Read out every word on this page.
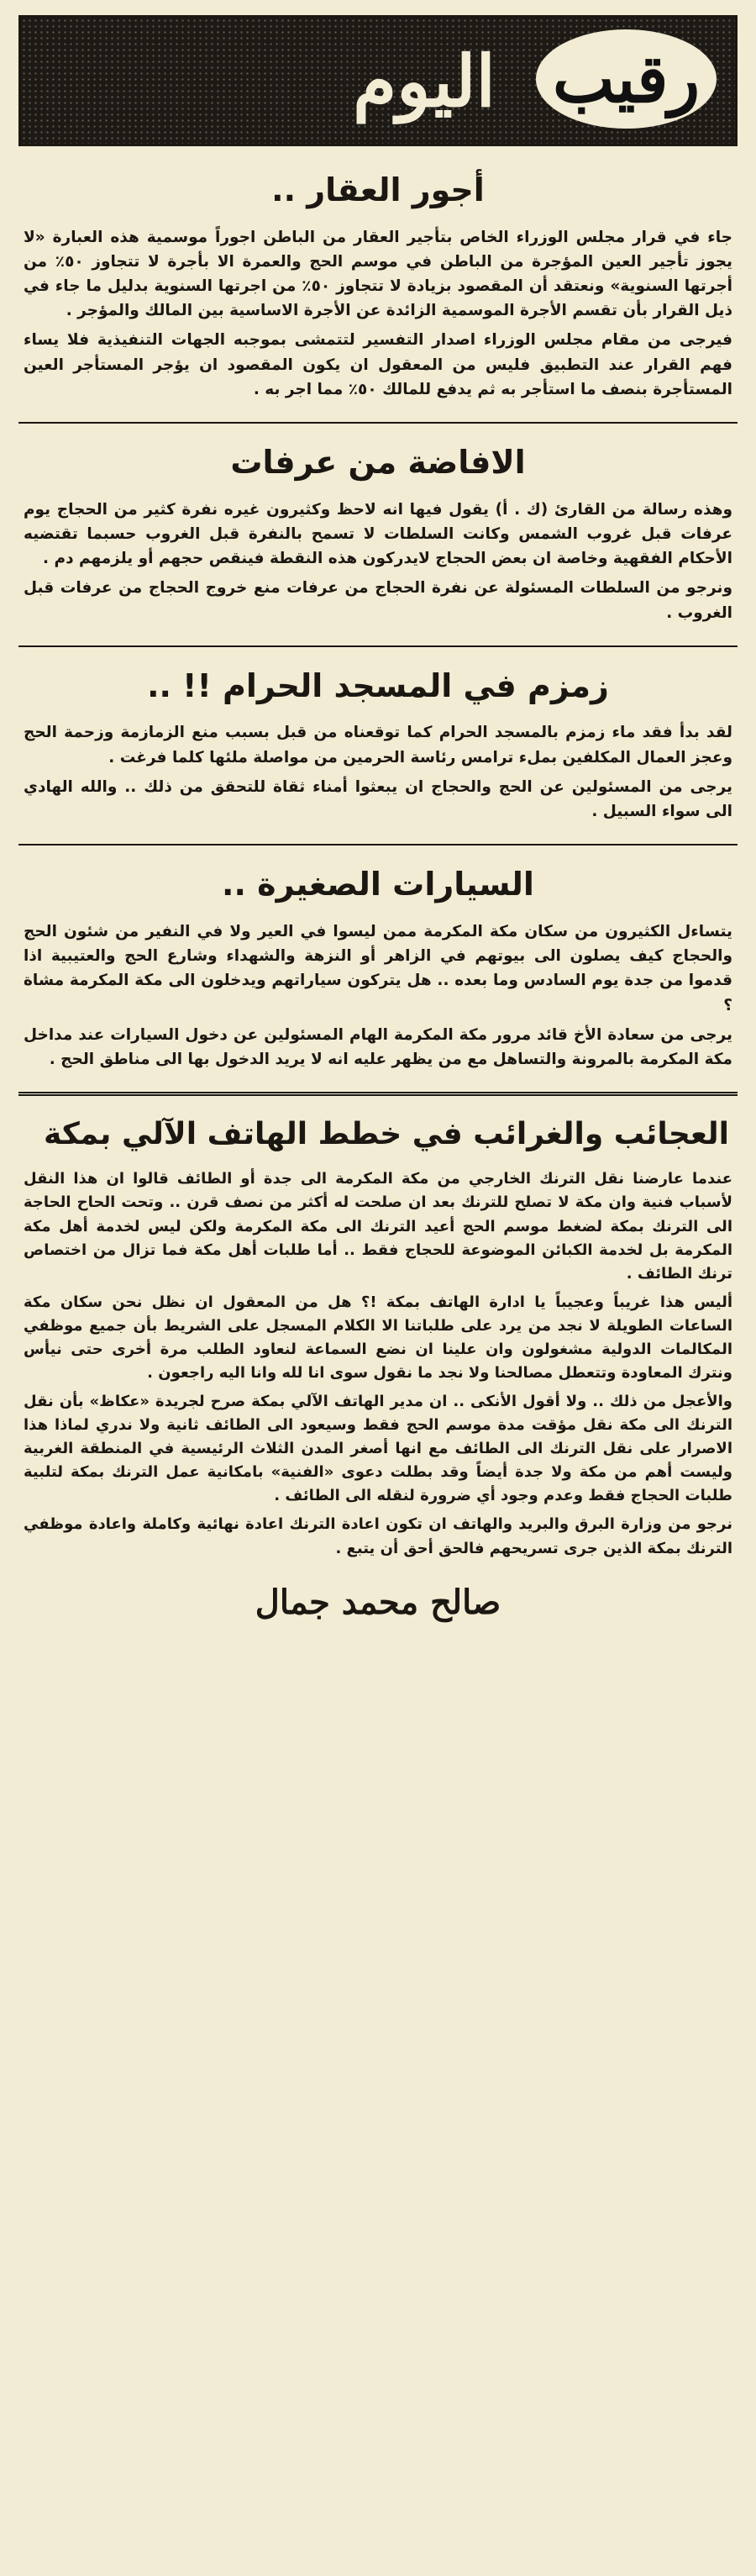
رقيب
اليوم
أجور العقار ..

جاء في قرار مجلس الوزراء الخاص بتأجير العقار من الباطن اجوراً موسمية هذه العبارة «لا يجوز تأجير العين المؤجرة من الباطن في موسم الحج والعمرة الا بأجرة لا تتجاوز ٥٠٪ من أجرتها السنوية» ونعتقد أن المقصود بزيادة لا تتجاوز ٥٠٪ من اجرتها السنوية بدليل ما جاء في ذيل القرار بأن تقسم الأجرة الموسمية الزائدة عن الأجرة الاساسية بين المالك والمؤجر .

فيرجى من مقام مجلس الوزراء اصدار التفسير لتتمشى بموجبه الجهات التنفيذية فلا يساء فهم القرار عند التطبيق فليس من المعقول ان يكون المقصود ان يؤجر المستأجر العين المستأجرة بنصف ما استأجر به ثم يدفع للمالك ٥٠٪ مما اجر به .

الافاضة من عرفات

وهذه رسالة من القارئ (ك . أ) يقول فيها انه لاحظ وكثيرون غيره نفرة كثير من الحجاج يوم عرفات قبل غروب الشمس وكانت السلطات لا تسمح بالنفرة قبل الغروب حسبما تقتضيه الأحكام الفقهية وخاصة ان بعض الحجاج لايدركون هذه النقطة فينقص حجهم أو يلزمهم دم .

ونرجو من السلطات المسئولة عن نفرة الحجاج من عرفات منع خروج الحجاج من عرفات قبل الغروب .

زمزم في المسجد الحرام !! ..

لقد بدأ فقد ماء زمزم بالمسجد الحرام كما توقعناه من قبل بسبب منع الزمازمة وزحمة الحج وعجز العمال المكلفين بملء ترامس رئاسة الحرمين من مواصلة ملئها كلما فرغت .

يرجى من المسئولين عن الحج والحجاج ان يبعثوا أمناء ثقاة للتحقق من ذلك .. والله الهادي الى سواء السبيل .

السيارات الصغيرة ..

يتساءل الكثيرون من سكان مكة المكرمة ممن ليسوا في العير ولا في النفير من شئون الحج والحجاج كيف يصلون الى بيوتهم في الزاهر أو النزهة والشهداء وشارع الحج والعتيبية اذا قدموا من جدة يوم السادس وما بعده .. هل يتركون سياراتهم ويدخلون الى مكة المكرمة مشاة ؟

يرجى من سعادة الأخ قائد مرور مكة المكرمة الهام المسئولين عن دخول السيارات عند مداخل مكة المكرمة بالمرونة والتساهل مع من يظهر عليه انه لا يريد الدخول بها الى مناطق الحج .

العجائب والغرائب في خطط الهاتف الآلي بمكة

عندما عارضنا نقل الترنك الخارجي من مكة المكرمة الى جدة أو الطائف قالوا ان هذا النقل لأسباب فنية وان مكة لا تصلح للترنك بعد ان صلحت له أكثر من نصف قرن .. وتحت الحاح الحاجة الى الترنك بمكة لضغط موسم الحج أعيد الترنك الى مكة المكرمة ولكن ليس لخدمة أهل مكة المكرمة بل لخدمة الكبائن الموضوعة للحجاج فقط .. أما طلبات أهل مكة فما تزال من اختصاص ترنك الطائف .

أليس هذا غريباً وعجيباً يا ادارة الهاتف بمكة !؟ هل من المعقول ان نظل نحن سكان مكة الساعات الطويلة لا نجد من يرد على طلباتنا الا الكلام المسجل على الشريط بأن جميع موظفي المكالمات الدولية مشغولون وان علينا ان نضع السماعة لنعاود الطلب مرة أخرى حتى نيأس ونترك المعاودة وتتعطل مصالحنا ولا نجد ما نقول سوى انا لله وانا اليه راجعون .

والأعجل من ذلك .. ولا أقول الأنكى .. ان مدير الهاتف الآلي بمكة صرح لجريدة «عكاظ» بأن نقل الترنك الى مكة نقل مؤقت مدة موسم الحج فقط وسيعود الى الطائف ثانية ولا ندري لماذا هذا الاصرار على نقل الترنك الى الطائف مع انها أصغر المدن الثلاث الرئيسية في المنطقة الغربية وليست أهم من مكة ولا جدة أيضاً وقد بطلت دعوى «الفنية» بامكانية عمل الترنك بمكة لتلبية طلبات الحجاج فقط وعدم وجود أي ضرورة لنقله الى الطائف .

نرجو من وزارة البرق والبريد والهاتف ان تكون اعادة الترنك اعادة نهائية وكاملة واعادة موظفي الترنك بمكة الذين جرى تسريحهم فالحق أحق أن يتبع .

صالح محمد جمال
